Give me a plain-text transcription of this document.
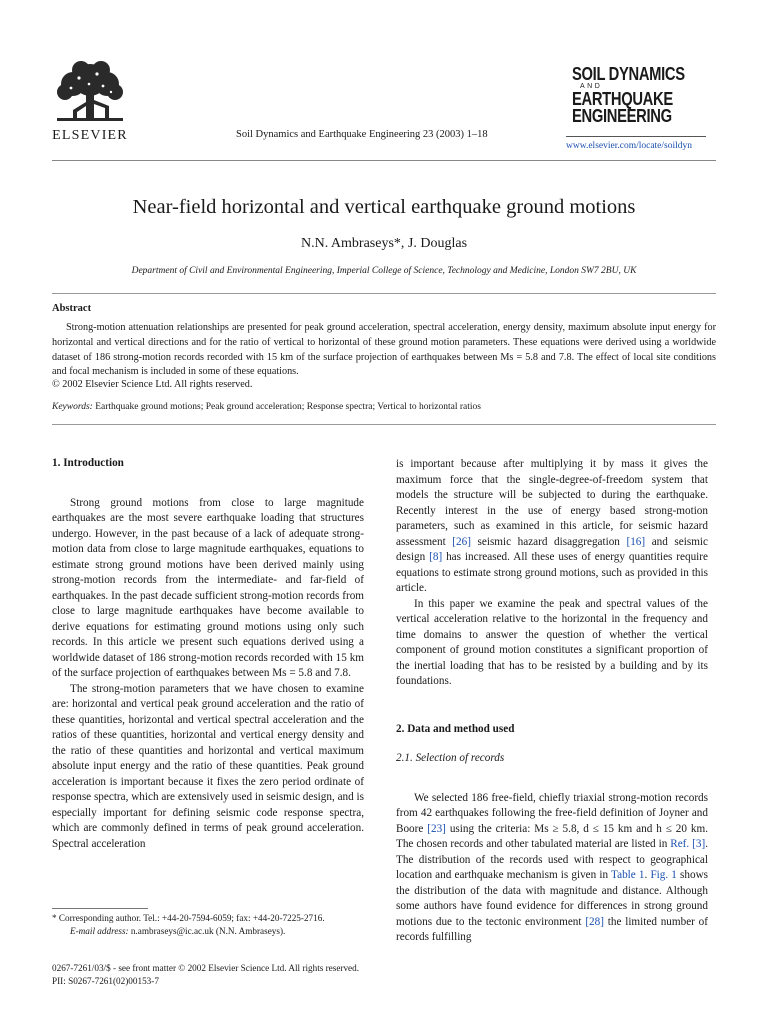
ELSEVIER	Soil Dynamics and Earthquake Engineering 23 (2003) 1–18
SOIL DYNAMICS
AND
EARTHQUAKE
ENGINEERING
www.elsevier.com/locate/soildyn
Near-field horizontal and vertical earthquake ground motions
N.N. Ambraseys*, J. Douglas
Department of Civil and Environmental Engineering, Imperial College of Science, Technology and Medicine, London SW7 2BU, UK
Abstract

Strong-motion attenuation relationships are presented for peak ground acceleration, spectral acceleration, energy density, maximum absolute input energy for horizontal and vertical directions and for the ratio of vertical to horizontal of these ground motion parameters. These equations were derived using a worldwide dataset of 186 strong-motion records recorded with 15 km of the surface projection of earthquakes between Ms = 5.8 and 7.8. The effect of local site conditions and focal mechanism is included in some of these equations.

© 2002 Elsevier Science Ltd. All rights reserved.
Keywords: Earthquake ground motions; Peak ground acceleration; Response spectra; Vertical to horizontal ratios

1. Introduction

Strong ground motions from close to large magnitude earthquakes are the most severe earthquake loading that structures undergo. However, in the past because of a lack of adequate strong-motion data from close to large magnitude earthquakes, equations to estimate strong ground motions have been derived mainly using strong-motion records from the intermediate- and far-field of earthquakes. In the past decade sufficient strong-motion records from close to large magnitude earthquakes have become available to derive equations for estimating ground motions using only such records. In this article we present such equations derived using a worldwide dataset of 186 strong-motion records recorded with 15 km of the surface projection of earthquakes between Ms = 5.8 and 7.8.

The strong-motion parameters that we have chosen to examine are: horizontal and vertical peak ground acceleration and the ratio of these quantities, horizontal and vertical spectral acceleration and the ratios of these quantities, horizontal and vertical energy density and the ratio of these quantities and horizontal and vertical maximum absolute input energy and the ratio of these quantities. Peak ground acceleration is important because it fixes the zero period ordinate of response spectra, which are extensively used in seismic design, and is especially important for defining seismic code response spectra, which are commonly defined in terms of peak ground acceleration. Spectral acceleration

is important because after multiplying it by mass it gives the maximum force that the single-degree-of-freedom system that models the structure will be subjected to during the earthquake. Recently interest in the use of energy based strong-motion parameters, such as examined in this article, for seismic hazard assessment [26] seismic hazard disaggregation [16] and seismic design [8] has increased. All these uses of energy quantities require equations to estimate strong ground motions, such as provided in this article.

In this paper we examine the peak and spectral values of the vertical acceleration relative to the horizontal in the frequency and time domains to answer the question of whether the vertical component of ground motion constitutes a significant proportion of the inertial loading that has to be resisted by a building and by its foundations.

2. Data and method used

2.1. Selection of records

We selected 186 free-field, chiefly triaxial strong-motion records from 42 earthquakes following the free-field definition of Joyner and Boore [23] using the criteria: Ms ≥ 5.8, d ≤ 15 km and h ≤ 20 km. The chosen records and other tabulated material are listed in Ref. [3]. The distribution of the records used with respect to geographical location and earthquake mechanism is given in Table 1. Fig. 1 shows the distribution of the data with magnitude and distance. Although some authors have found evidence for differences in strong ground motions due to the tectonic environment [28] the limited number of records fulfilling

* Corresponding author. Tel.: +44-20-7594-6059; fax: +44-20-7225-2716.

E-mail address: n.ambraseys@ic.ac.uk (N.N. Ambraseys).

0267-7261/03/$ - see front matter © 2002 Elsevier Science Ltd. All rights reserved.
PII: S0267-7261(02)00153-7
